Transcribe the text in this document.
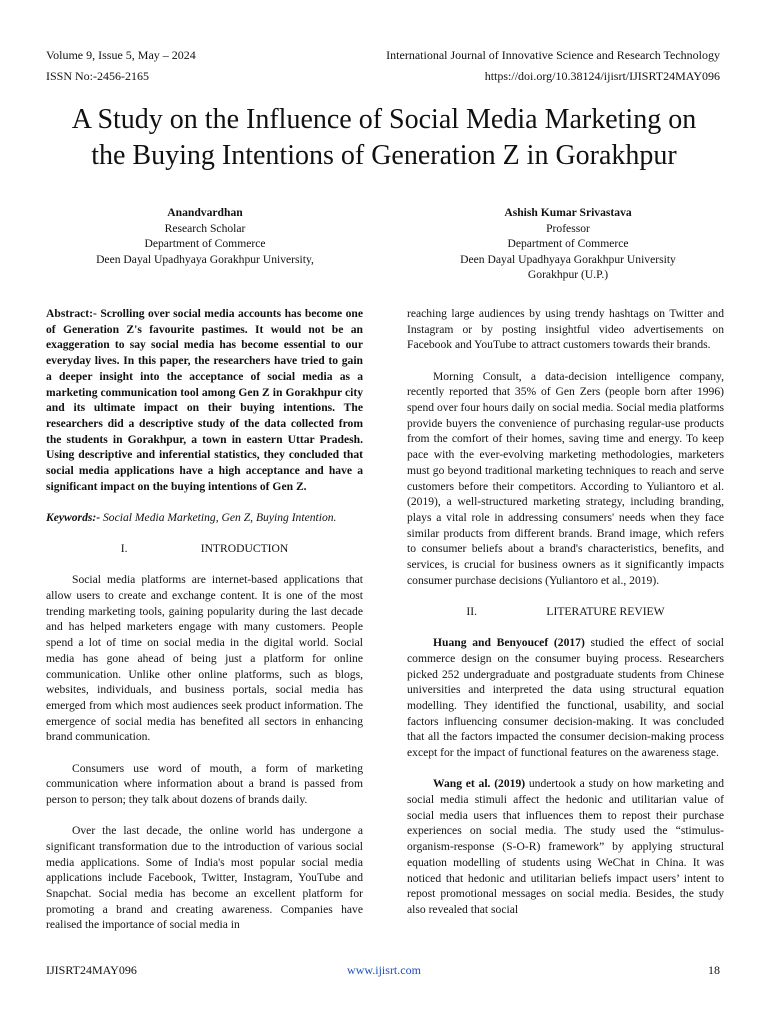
Volume 9, Issue 5, May – 2024
ISSN No:-2456-2165
International Journal of Innovative Science and Research Technology
https://doi.org/10.38124/ijisrt/IJISRT24MAY096
A Study on the Influence of Social Media Marketing on
the Buying Intentions of Generation Z in Gorakhpur
Anandvardhan
Research Scholar
Department of Commerce
Deen Dayal Upadhyaya Gorakhpur University,
Ashish Kumar Srivastava
Professor
Department of Commerce
Deen Dayal Upadhyaya Gorakhpur University
Gorakhpur (U.P.)

Abstract:- Scrolling over social media accounts has become one of Generation Z's favourite pastimes. It would not be an exaggeration to say social media has become essential to our everyday lives. In this paper, the researchers have tried to gain a deeper insight into the acceptance of social media as a marketing communication tool among Gen Z in Gorakhpur city and its ultimate impact on their buying intentions. The researchers did a descriptive study of the data collected from the students in Gorakhpur, a town in eastern Uttar Pradesh. Using descriptive and inferential statistics, they concluded that social media applications have a high acceptance and have a significant impact on the buying intentions of Gen Z.

Keywords:- Social Media Marketing, Gen Z, Buying Intention.

I.	INTRODUCTION

Social media platforms are internet-based applications that allow users to create and exchange content. It is one of the most trending marketing tools, gaining popularity during the last decade and has helped marketers engage with many customers. People spend a lot of time on social media in the digital world. Social media has gone ahead of being just a platform for online communication. Unlike other online platforms, such as blogs, websites, individuals, and business portals, social media has emerged from which most audiences seek product information. The emergence of social media has benefited all sectors in enhancing brand communication.

Consumers use word of mouth, a form of marketing communication where information about a brand is passed from person to person; they talk about dozens of brands daily.

Over the last decade, the online world has undergone a significant transformation due to the introduction of various social media applications. Some of India's most popular social media applications include Facebook, Twitter, Instagram, YouTube and Snapchat. Social media has become an excellent platform for promoting a brand and creating awareness. Companies have realised the importance of social media in

reaching large audiences by using trendy hashtags on Twitter and Instagram or by posting insightful video advertisements on Facebook and YouTube to attract customers towards their brands.

Morning Consult, a data-decision intelligence company, recently reported that 35% of Gen Zers (people born after 1996) spend over four hours daily on social media. Social media platforms provide buyers the convenience of purchasing regular-use products from the comfort of their homes, saving time and energy. To keep pace with the ever-evolving marketing methodologies, marketers must go beyond traditional marketing techniques to reach and serve customers before their competitors. According to Yuliantoro et al. (2019), a well-structured marketing strategy, including branding, plays a vital role in addressing consumers' needs when they face similar products from different brands. Brand image, which refers to consumer beliefs about a brand's characteristics, benefits, and services, is crucial for business owners as it significantly impacts consumer purchase decisions (Yuliantoro et al., 2019).

II.	LITERATURE REVIEW

Huang and Benyoucef (2017) studied the effect of social commerce design on the consumer buying process. Researchers picked 252 undergraduate and postgraduate students from Chinese universities and interpreted the data using structural equation modelling. They identified the functional, usability, and social factors influencing consumer decision-making. It was concluded that all the factors impacted the consumer decision-making process except for the impact of functional features on the awareness stage.

Wang et al. (2019) undertook a study on how marketing and social media stimuli affect the hedonic and utilitarian value of social media users that influences them to repost their purchase experiences on social media. The study used the “stimulus-organism-response (S-O-R) framework” by applying structural equation modelling of students using WeChat in China. It was noticed that hedonic and utilitarian beliefs impact users’ intent to repost promotional messages on social media. Besides, the study also revealed that social

IJISRT24MAY096	www.ijisrt.com	18
